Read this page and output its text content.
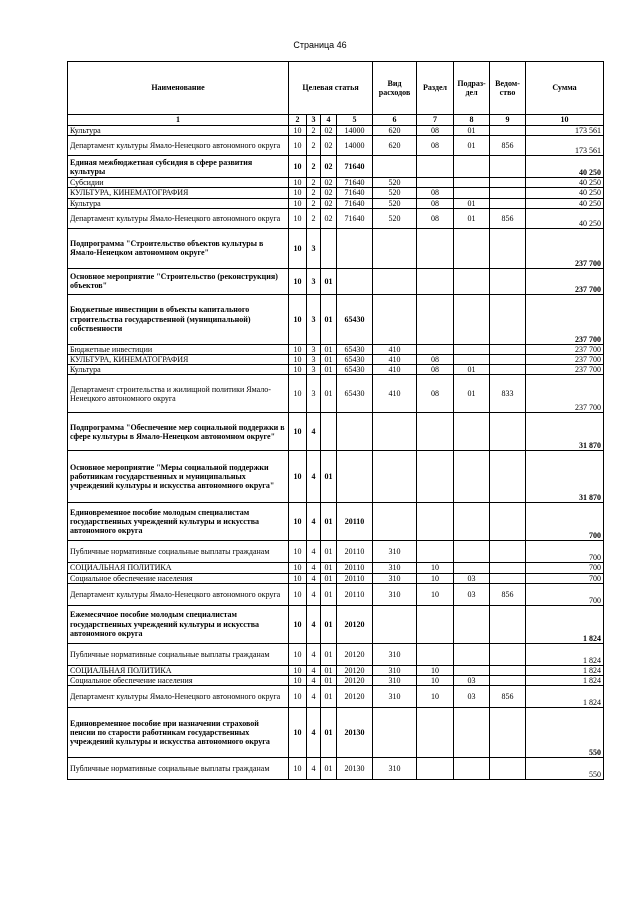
Страница 46
Наименование	Целевая статья				Вид расходов	Раздел	Подраз-дел	Ведом-ство	Сумма
1	2	3	4	5	6	7	8	9	10
Культура	10	2	02	14000	620	08	01		173 561
Департамент культуры Ямало-Ненецкого автономного округа	10	2	02	14000	620	08	01	856	173 561
Единая межбюджетная субсидия в сфере развития культуры	10	2	02	71640					40 250
Субсидии	10	2	02	71640	520				40 250
КУЛЬТУРА, КИНЕМАТОГРАФИЯ	10	2	02	71640	520	08			40 250
Культура	10	2	02	71640	520	08	01		40 250
Департамент культуры Ямало-Ненецкого автономного округа	10	2	02	71640	520	08	01	856	40 250
Подпрограмма "Строительство объектов культуры в Ямало-Ненецком автономном округе"	10	3							237 700
Основное мероприятие "Строительство (реконструкция) объектов"	10	3	01						237 700
Бюджетные инвестиции в объекты капитального строительства государственной (муниципальной) собственности	10	3	01	65430					237 700
Бюджетные инвестиции	10	3	01	65430	410				237 700
КУЛЬТУРА, КИНЕМАТОГРАФИЯ	10	3	01	65430	410	08			237 700
Культура	10	3	01	65430	410	08	01		237 700
Департамент строительства и жилищной политики Ямало-Ненецкого автономного округа	10	3	01	65430	410	08	01	833	237 700
Подпрограмма "Обеспечение мер социальной поддержки в сфере культуры в Ямало-Ненецком автономном округе"	10	4							31 870
Основное мероприятие "Меры социальной поддержки работникам государственных и муниципальных учреждений культуры и искусства автономного округа"	10	4	01						31 870
Единовременное пособие молодым специалистам государственных учреждений культуры и искусства автономного округа	10	4	01	20110					700
Публичные нормативные социальные выплаты гражданам	10	4	01	20110	310				700
СОЦИАЛЬНАЯ ПОЛИТИКА	10	4	01	20110	310	10			700
Социальное обеспечение населения	10	4	01	20110	310	10	03		700
Департамент культуры Ямало-Ненецкого автономного округа	10	4	01	20110	310	10	03	856	700
Ежемесячное пособие молодым специалистам государственных учреждений культуры и искусства автономного округа	10	4	01	20120					1 824
Публичные нормативные социальные выплаты гражданам	10	4	01	20120	310				1 824
СОЦИАЛЬНАЯ ПОЛИТИКА	10	4	01	20120	310	10			1 824
Социальное обеспечение населения	10	4	01	20120	310	10	03		1 824
Департамент культуры Ямало-Ненецкого автономного округа	10	4	01	20120	310	10	03	856	1 824
Единовременное пособие при назначении страховой пенсии по старости работникам государственных учреждений культуры и искусства автономного округа	10	4	01	20130					550
Публичные нормативные социальные выплаты гражданам	10	4	01	20130	310				550
